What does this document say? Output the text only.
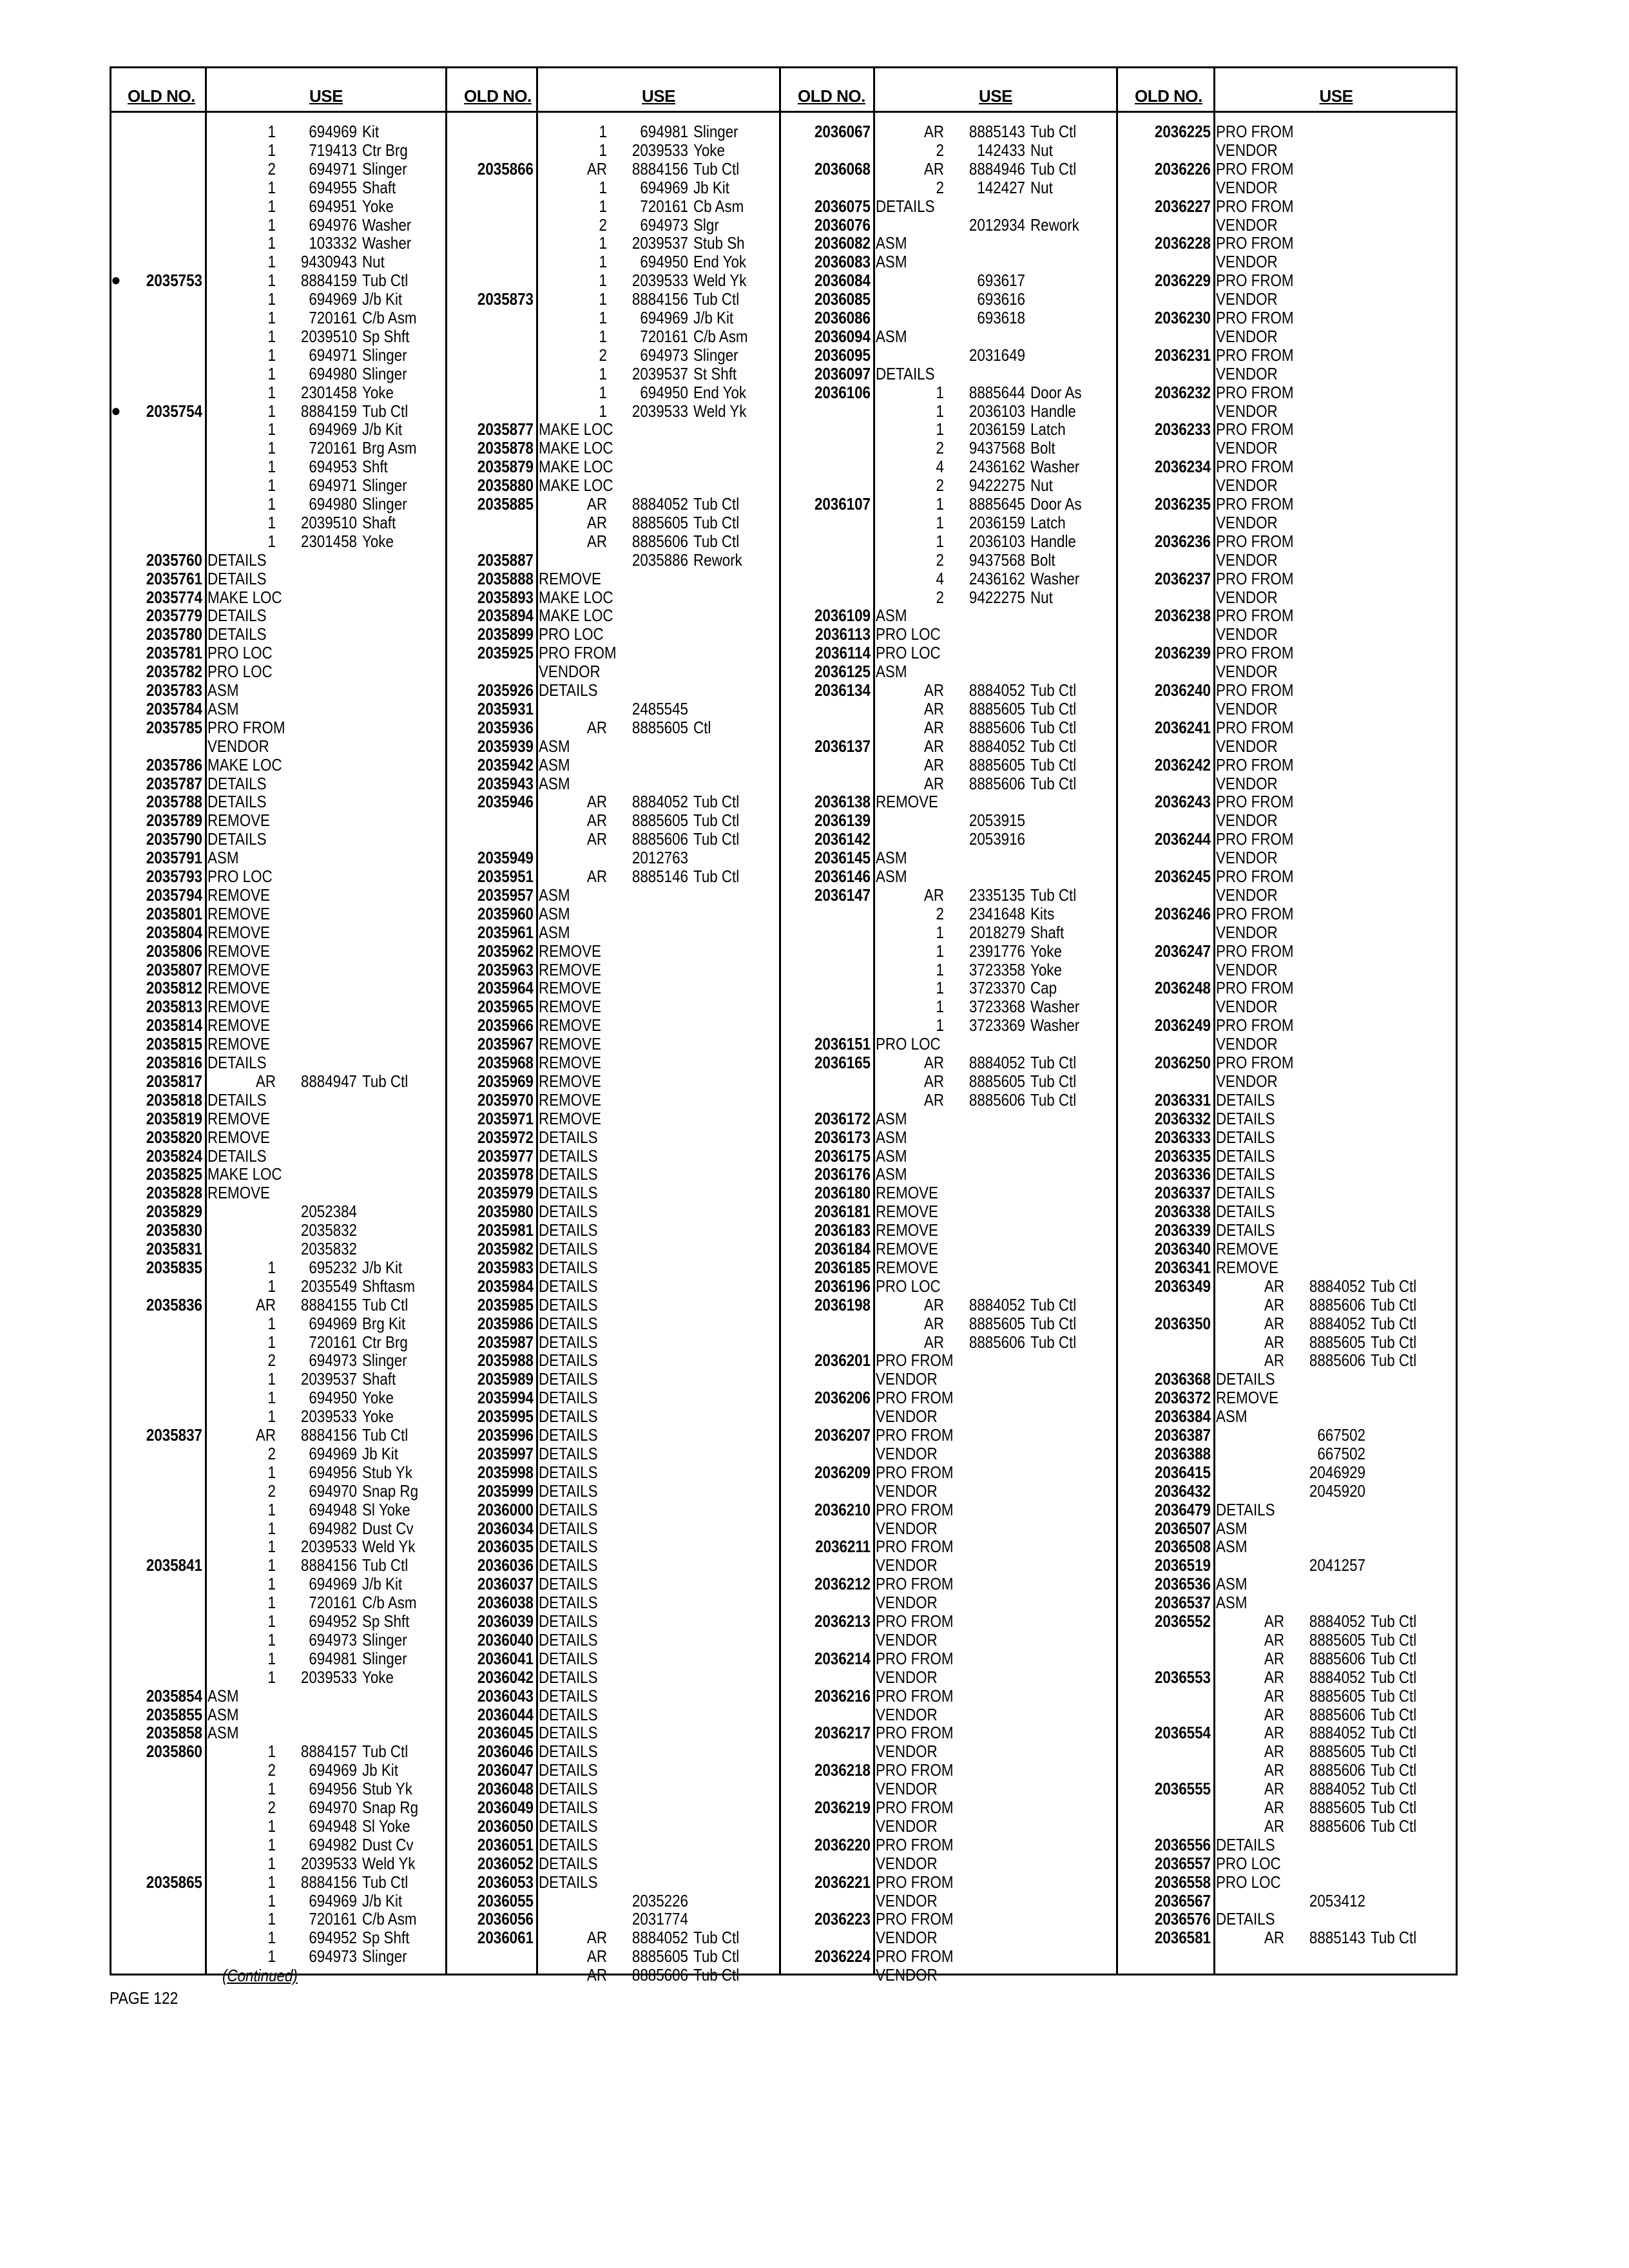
PAGE 122
OLD NO.	USE
1	694969 Kit
1	719413 Ctr Brg
2	694971 Slinger
1	694955 Shaft
1	694951 Yoke
1	694976 Washer
1	103332 Washer
1	9430943 Nut
●	2035753	1	8884159 Tub Ctl
1	694969 J/b Kit
1	720161 C/b Asm
1	2039510 Sp Shft
1	694971 Slinger
1	694980 Slinger
1	2301458 Yoke
●	2035754	1	8884159 Tub Ctl
1	694969 J/b Kit
1	720161 Brg Asm
1	694953 Shft
1	694971 Slinger
1	694980 Slinger
1	2039510 Shaft
1	2301458 Yoke
2035760 DETAILS
2035761 DETAILS
2035774 MAKE LOC
2035779 DETAILS
2035780 DETAILS
2035781 PRO LOC
2035782 PRO LOC
2035783 ASM
2035784 ASM
2035785 PRO FROM
VENDOR
2035786 MAKE LOC
2035787 DETAILS
2035788 DETAILS
2035789 REMOVE
2035790 DETAILS
2035791 ASM
2035793 PRO LOC
2035794 REMOVE
2035801 REMOVE
2035804 REMOVE
2035806 REMOVE
2035807 REMOVE
2035812 REMOVE
2035813 REMOVE
2035814 REMOVE
2035815 REMOVE
2035816 DETAILS
2035817	AR	8884947 Tub Ctl
2035818 DETAILS
2035819 REMOVE
2035820 REMOVE
2035824 DETAILS
2035825 MAKE LOC
2035828 REMOVE
2035829	2052384
2035830	2035832
2035831	2035832
2035835	1	695232 J/b Kit
1	2035549 Shftasm
2035836	AR	8884155 Tub Ctl
1	694969 Brg Kit
1	720161 Ctr Brg
2	694973 Slinger
1	2039537 Shaft
1	694950 Yoke
1	2039533 Yoke
2035837	AR	8884156 Tub Ctl
2	694969 Jb Kit
1	694956 Stub Yk
2	694970 Snap Rg
1	694948 Sl Yoke
1	694982 Dust Cv
1	2039533 Weld Yk
2035841	1	8884156 Tub Ctl
1	694969 J/b Kit
1	720161 C/b Asm
1	694952 Sp Shft
1	694973 Slinger
1	694981 Slinger
1	2039533 Yoke
2035854 ASM
2035855 ASM
2035858 ASM
2035860	1	8884157 Tub Ctl
2	694969 Jb Kit
1	694956 Stub Yk
2	694970 Snap Rg
1	694948 Sl Yoke
1	694982 Dust Cv
1	2039533 Weld Yk
2035865	1	8884156 Tub Ctl
1	694969 J/b Kit
1	720161 C/b Asm
1	694952 Sp Shft
1	694973 Slinger
OLD NO.	USE
1	694981 Slinger
1	2039533 Yoke
2035866	AR	8884156 Tub Ctl
1	694969 Jb Kit
1	720161 Cb Asm
2	694973 Slgr
1	2039537 Stub Sh
1	694950 End Yok
1	2039533 Weld Yk
2035873	1	8884156 Tub Ctl
1	694969 J/b Kit
1	720161 C/b Asm
2	694973 Slinger
1	2039537 St Shft
1	694950 End Yok
1	2039533 Weld Yk
2035877 MAKE LOC
2035878 MAKE LOC
2035879 MAKE LOC
2035880 MAKE LOC
2035885	AR	8884052 Tub Ctl
AR	8885605 Tub Ctl
AR	8885606 Tub Ctl
2035887	2035886 Rework
2035888 REMOVE
2035893 MAKE LOC
2035894 MAKE LOC
2035899 PRO LOC
2035925 PRO FROM
VENDOR
2035926 DETAILS
2035931	2485545
2035936	AR	8885605 Ctl
2035939 ASM
2035942 ASM
2035943 ASM
2035946	AR	8884052 Tub Ctl
AR	8885605 Tub Ctl
AR	8885606 Tub Ctl
2035949	2012763
2035951	AR	8885146 Tub Ctl
2035957 ASM
2035960 ASM
2035961 ASM
2035962 REMOVE
2035963 REMOVE
2035964 REMOVE
2035965 REMOVE
2035966 REMOVE
2035967 REMOVE
2035968 REMOVE
2035969 REMOVE
2035970 REMOVE
2035971 REMOVE
2035972 DETAILS
2035977 DETAILS
2035978 DETAILS
2035979 DETAILS
2035980 DETAILS
2035981 DETAILS
2035982 DETAILS
2035983 DETAILS
2035984 DETAILS
2035985 DETAILS
2035986 DETAILS
2035987 DETAILS
2035988 DETAILS
2035989 DETAILS
2035994 DETAILS
2035995 DETAILS
2035996 DETAILS
2035997 DETAILS
2035998 DETAILS
2035999 DETAILS
2036000 DETAILS
2036034 DETAILS
2036035 DETAILS
2036036 DETAILS
2036037 DETAILS
2036038 DETAILS
2036039 DETAILS
2036040 DETAILS
2036041 DETAILS
2036042 DETAILS
2036043 DETAILS
2036044 DETAILS
2036045 DETAILS
2036046 DETAILS
2036047 DETAILS
2036048 DETAILS
2036049 DETAILS
2036050 DETAILS
2036051 DETAILS
2036052 DETAILS
2036053 DETAILS
2036055	2035226
2036056	2031774
2036061	AR	8884052 Tub Ctl
AR	8885605 Tub Ctl
AR	8885606 Tub Ctl
OLD NO.	USE
2036067	AR	8885143 Tub Ctl
2	142433 Nut
2036068	AR	8884946 Tub Ctl
2	142427 Nut
2036075 DETAILS
2036076	2012934 Rework
2036082 ASM
2036083 ASM
2036084	693617
2036085	693616
2036086	693618
2036094 ASM
2036095	2031649
2036097 DETAILS
2036106	1	8885644 Door As
1	2036103 Handle
1	2036159 Latch
2	9437568 Bolt
4	2436162 Washer
2	9422275 Nut
2036107	1	8885645 Door As
1	2036159 Latch
1	2036103 Handle
2	9437568 Bolt
4	2436162 Washer
2	9422275 Nut
2036109 ASM
2036113 PRO LOC
2036114 PRO LOC
2036125 ASM
2036134	AR	8884052 Tub Ctl
AR	8885605 Tub Ctl
AR	8885606 Tub Ctl
2036137	AR	8884052 Tub Ctl
AR	8885605 Tub Ctl
AR	8885606 Tub Ctl
2036138 REMOVE
2036139	2053915
2036142	2053916
2036145 ASM
2036146 ASM
2036147	AR	2335135 Tub Ctl
2	2341648 Kits
1	2018279 Shaft
1	2391776 Yoke
1	3723358 Yoke
1	3723370 Cap
1	3723368 Washer
1	3723369 Washer
2036151 PRO LOC
2036165	AR	8884052 Tub Ctl
AR	8885605 Tub Ctl
AR	8885606 Tub Ctl
2036172 ASM
2036173 ASM
2036175 ASM
2036176 ASM
2036180 REMOVE
2036181 REMOVE
2036183 REMOVE
2036184 REMOVE
2036185 REMOVE
2036196 PRO LOC
2036198	AR	8884052 Tub Ctl
AR	8885605 Tub Ctl
AR	8885606 Tub Ctl
2036201 PRO FROM
VENDOR
2036206 PRO FROM
VENDOR
2036207 PRO FROM
VENDOR
2036209 PRO FROM
VENDOR
2036210 PRO FROM
VENDOR
2036211 PRO FROM
VENDOR
2036212 PRO FROM
VENDOR
2036213 PRO FROM
VENDOR
2036214 PRO FROM
VENDOR
2036216 PRO FROM
VENDOR
2036217 PRO FROM
VENDOR
2036218 PRO FROM
VENDOR
2036219 PRO FROM
VENDOR
2036220 PRO FROM
VENDOR
2036221 PRO FROM
VENDOR
2036223 PRO FROM
VENDOR
2036224 PRO FROM
VENDOR
OLD NO.	USE
2036225 PRO FROM
VENDOR
2036226 PRO FROM
VENDOR
2036227 PRO FROM
VENDOR
2036228 PRO FROM
VENDOR
2036229 PRO FROM
VENDOR
2036230 PRO FROM
VENDOR
2036231 PRO FROM
VENDOR
2036232 PRO FROM
VENDOR
2036233 PRO FROM
VENDOR
2036234 PRO FROM
VENDOR
2036235 PRO FROM
VENDOR
2036236 PRO FROM
VENDOR
2036237 PRO FROM
VENDOR
2036238 PRO FROM
VENDOR
2036239 PRO FROM
VENDOR
2036240 PRO FROM
VENDOR
2036241 PRO FROM
VENDOR
2036242 PRO FROM
VENDOR
2036243 PRO FROM
VENDOR
2036244 PRO FROM
VENDOR
2036245 PRO FROM
VENDOR
2036246 PRO FROM
VENDOR
2036247 PRO FROM
VENDOR
2036248 PRO FROM
VENDOR
2036249 PRO FROM
VENDOR
2036250 PRO FROM
VENDOR
2036331 DETAILS
2036332 DETAILS
2036333 DETAILS
2036335 DETAILS
2036336 DETAILS
2036337 DETAILS
2036338 DETAILS
2036339 DETAILS
2036340 REMOVE
2036341 REMOVE
2036349	AR	8884052 Tub Ctl
AR	8885606 Tub Ctl
2036350	AR	8884052 Tub Ctl
AR	8885605 Tub Ctl
AR	8885606 Tub Ctl
2036368 DETAILS
2036372 REMOVE
2036384 ASM
2036387	667502
2036388	667502
2036415	2046929
2036432	2045920
2036479 DETAILS
2036507 ASM
2036508 ASM
2036519	2041257
2036536 ASM
2036537 ASM
2036552	AR	8884052 Tub Ctl
AR	8885605 Tub Ctl
AR	8885606 Tub Ctl
2036553	AR	8884052 Tub Ctl
AR	8885605 Tub Ctl
AR	8885606 Tub Ctl
2036554	AR	8884052 Tub Ctl
AR	8885605 Tub Ctl
AR	8885606 Tub Ctl
2036555	AR	8884052 Tub Ctl
AR	8885605 Tub Ctl
AR	8885606 Tub Ctl
2036556 DETAILS
2036557 PRO LOC
2036558 PRO LOC
2036567	2053412
2036576 DETAILS
2036581	AR	8885143 Tub Ctl
(Continued)
